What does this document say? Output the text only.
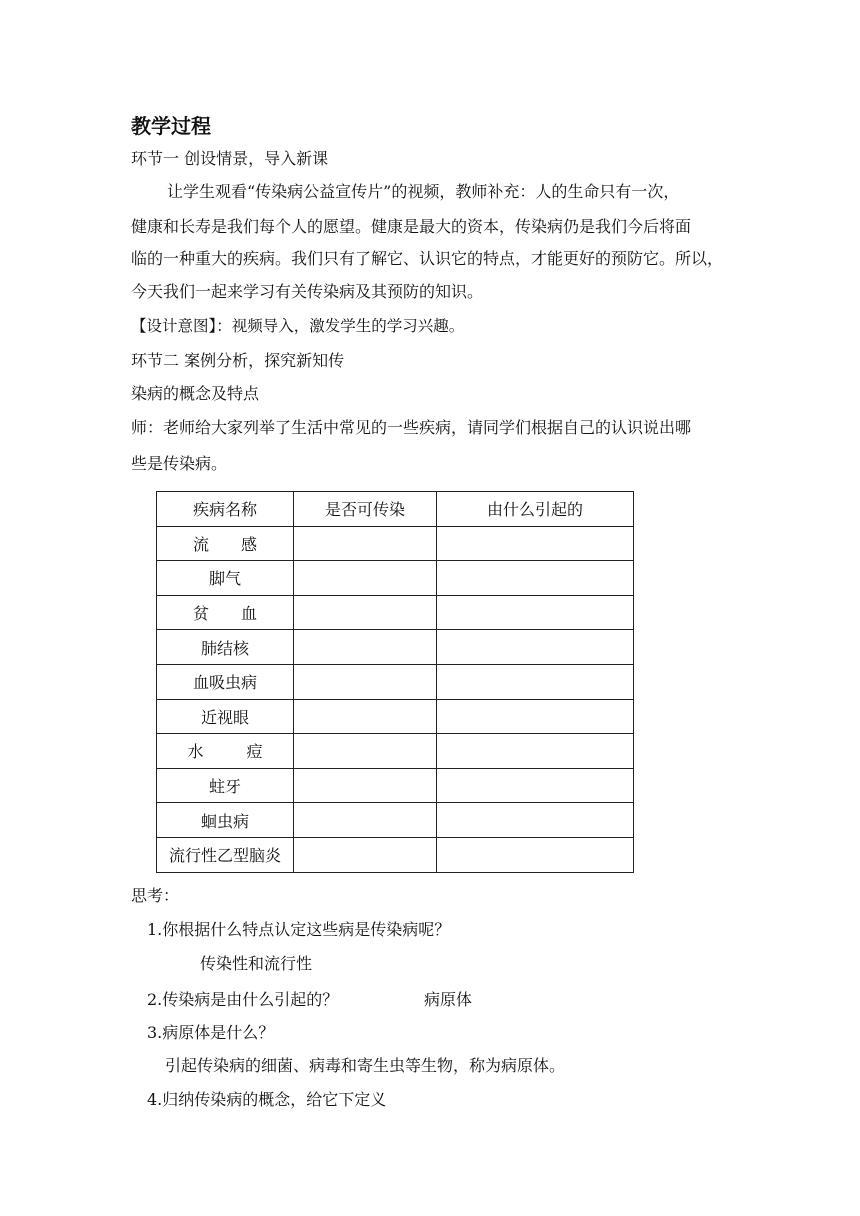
教学过程
环节一 创设情景，导入新课
让学生观看“传染病公益宣传片”的视频，教师补充：人的生命只有一次，
健康和长寿是我们每个人的愿望。健康是最大的资本，传染病仍是我们今后将面
临的一种重大的疾病。我们只有了解它、认识它的特点，才能更好的预防它。所以，
今天我们一起来学习有关传染病及其预防的知识。
【设计意图】：视频导入，激发学生的学习兴趣。
环节二 案例分析，探究新知传
染病的概念及特点
师：老师给大家列举了生活中常见的一些疾病，请同学们根据自己的认识说出哪
些是传染病。
疾病名称	是否可传染	由什么引起的
流感		
脚气		
贫血		
肺结核		
血吸虫病		
近视眼		
水痘		
蛀牙		
蛔虫病		
流行性乙型脑炎		
思考：
1.你根据什么特点认定这些病是传染病呢？
传染性和流行性
2.传染病是由什么引起的？	病原体
3.病原体是什么？
引起传染病的细菌、病毒和寄生虫等生物，称为病原体。
4.归纳传染病的概念，给它下定义
